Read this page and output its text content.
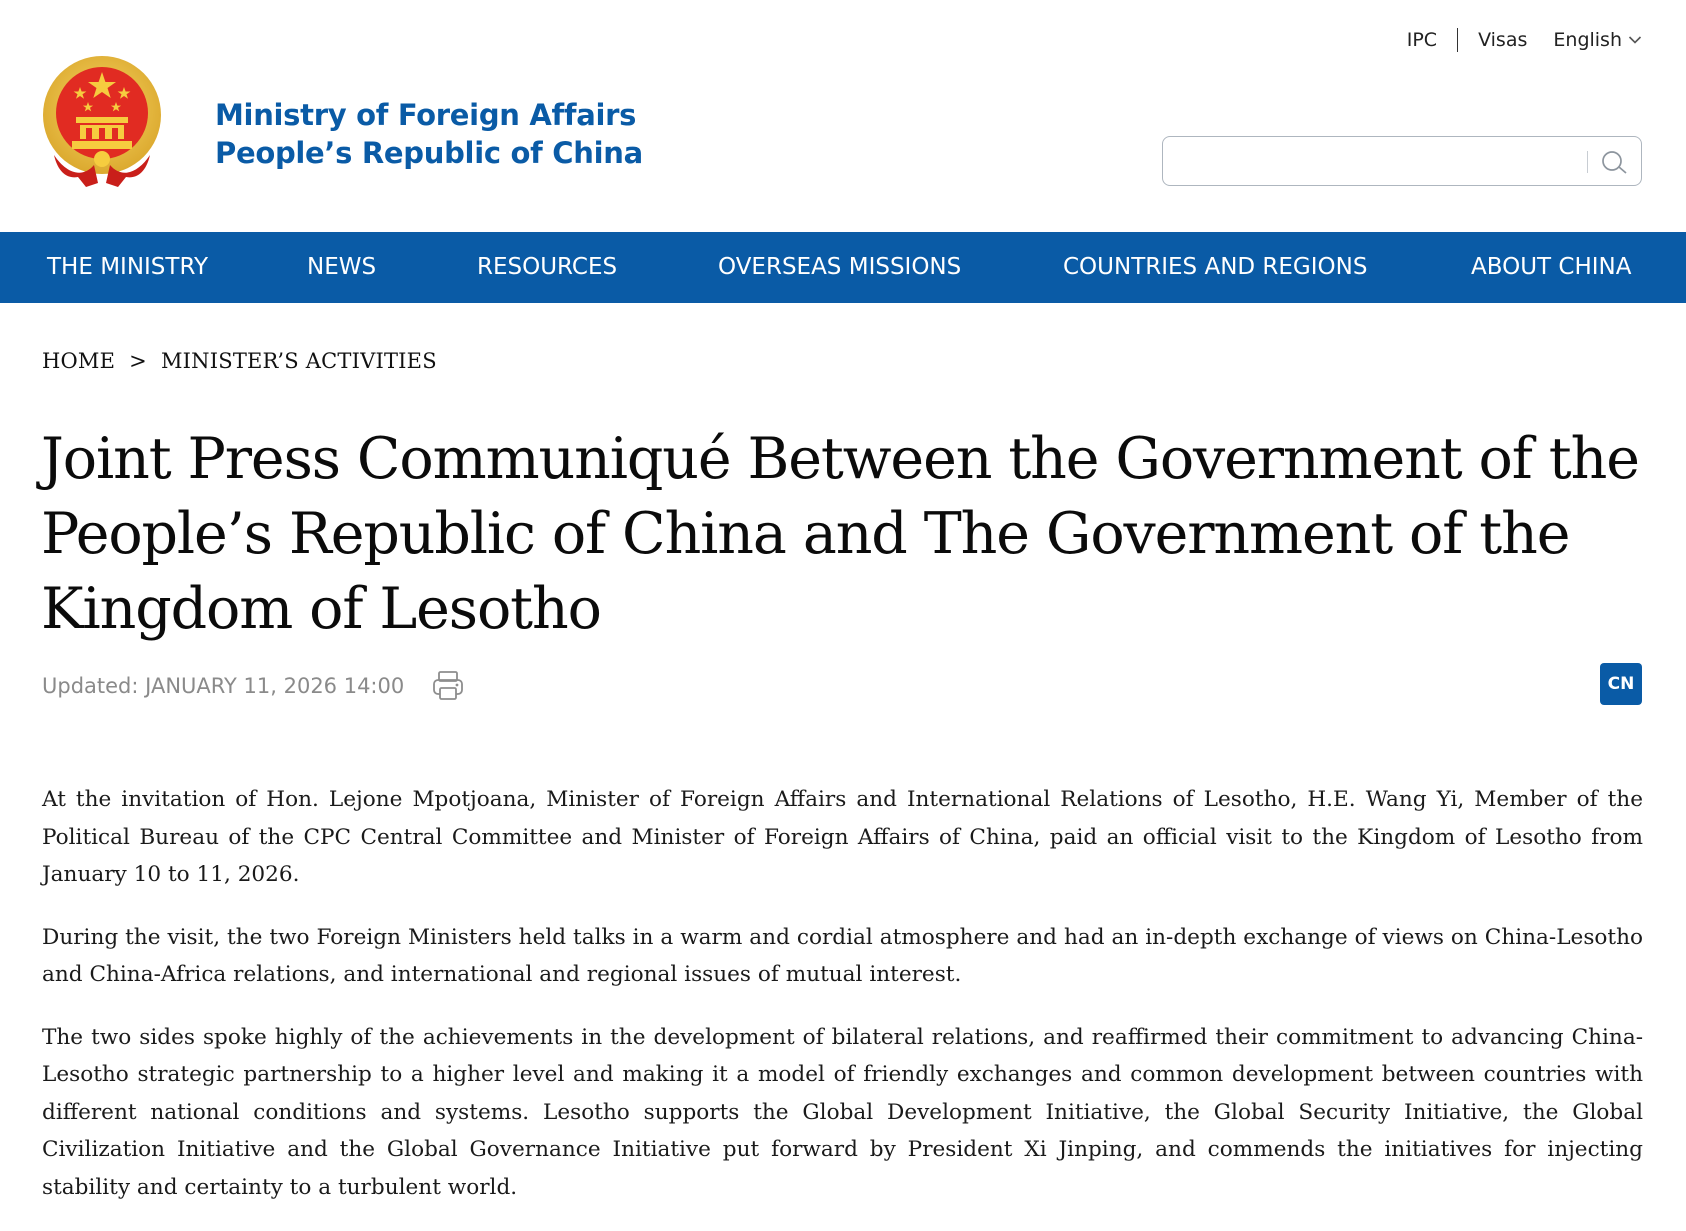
IPC Visas English
Ministry of Foreign Affairs
People’s Republic of China
THE MINISTRY	NEWS	RESOURCES	OVERSEAS MISSIONS	COUNTRIES AND REGIONS	ABOUT CHINA
HOME > MINISTER’S ACTIVITIES
Joint Press Communiqué Between the Government of the People’s Republic of China and The Government of the Kingdom of Lesotho
Updated: JANUARY 11, 2026 14:00	CN

At the invitation of Hon. Lejone Mpotjoana, Minister of Foreign Affairs and International Relations of Lesotho, H.E. Wang Yi, Member of the Political Bureau of the CPC Central Committee and Minister of Foreign Affairs of China, paid an official visit to the Kingdom of Lesotho from January 10 to 11, 2026.

During the visit, the two Foreign Ministers held talks in a warm and cordial atmosphere and had an in-depth exchange of views on China-Lesotho and China-Africa relations, and international and regional issues of mutual interest.

The two sides spoke highly of the achievements in the development of bilateral relations, and reaffirmed their commitment to advancing China-Lesotho strategic partnership to a higher level and making it a model of friendly exchanges and common development between countries with different national conditions and systems. Lesotho supports the Global Development Initiative, the Global Security Initiative, the Global Civilization Initiative and the Global Governance Initiative put forward by President Xi Jinping, and commends the initiatives for injecting stability and certainty to a turbulent world.
